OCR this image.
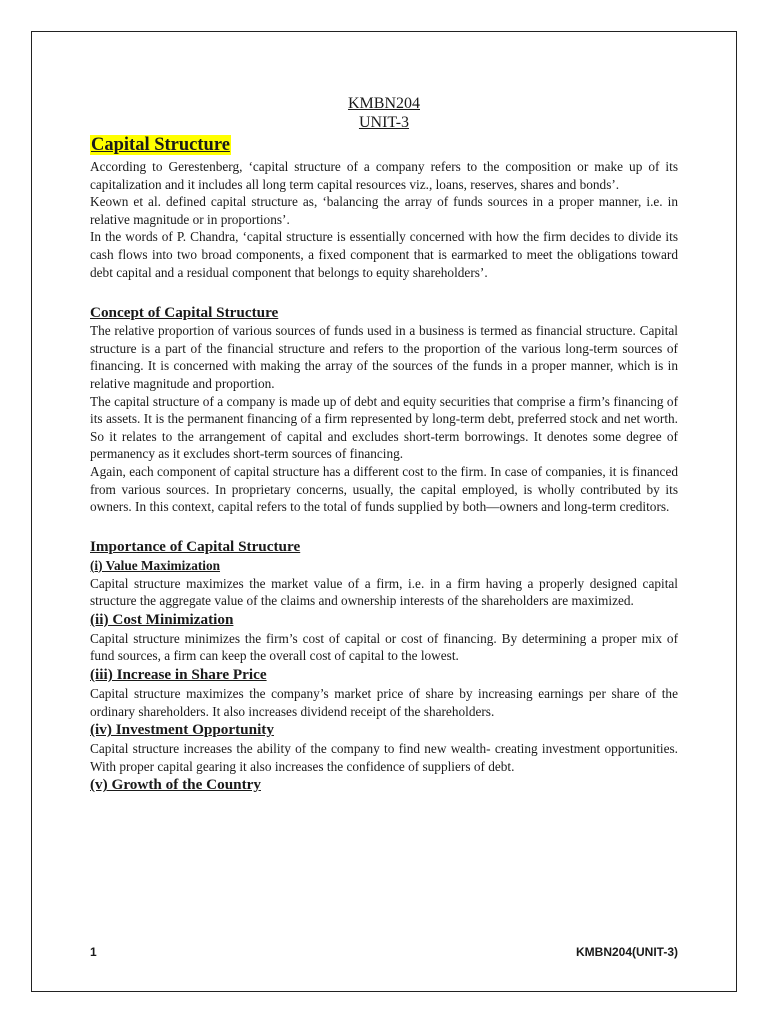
KMBN204
UNIT-3
Capital Structure

According to Gerestenberg, ‘capital structure of a company refers to the composition or make up of its capitalization and it includes all long term capital resources viz., loans, reserves, shares and bonds’.

Keown et al. defined capital structure as, ‘balancing the array of funds sources in a proper manner, i.e. in relative magnitude or in proportions’.

In the words of P. Chandra, ‘capital structure is essentially concerned with how the firm decides to divide its cash flows into two broad components, a fixed component that is earmarked to meet the obligations toward debt capital and a residual component that belongs to equity shareholders’.

Concept of Capital Structure

The relative proportion of various sources of funds used in a business is termed as financial structure. Capital structure is a part of the financial structure and refers to the proportion of the various long-term sources of financing. It is concerned with making the array of the sources of the funds in a proper manner, which is in relative magnitude and proportion.

The capital structure of a company is made up of debt and equity securities that comprise a firm’s financing of its assets. It is the permanent financing of a firm represented by long-term debt, preferred stock and net worth. So it relates to the arrangement of capital and excludes short-term borrowings. It denotes some degree of permanency as it excludes short-term sources of financing.

Again, each component of capital structure has a different cost to the firm. In case of companies, it is financed from various sources. In proprietary concerns, usually, the capital employed, is wholly contributed by its owners. In this context, capital refers to the total of funds supplied by both—owners and long-term creditors.

Importance of Capital Structure
(i) Value Maximization

Capital structure maximizes the market value of a firm, i.e. in a firm having a properly designed capital structure the aggregate value of the claims and ownership interests of the shareholders are maximized.

(ii) Cost Minimization

Capital structure minimizes the firm’s cost of capital or cost of financing. By determining a proper mix of fund sources, a firm can keep the overall cost of capital to the lowest.

(iii) Increase in Share Price

Capital structure maximizes the company’s market price of share by increasing earnings per share of the ordinary shareholders. It also increases dividend receipt of the shareholders.

(iv) Investment Opportunity

Capital structure increases the ability of the company to find new wealth- creating investment opportunities. With proper capital gearing it also increases the confidence of suppliers of debt.

(v) Growth of the Country
1	KMBN204(UNIT-3)
